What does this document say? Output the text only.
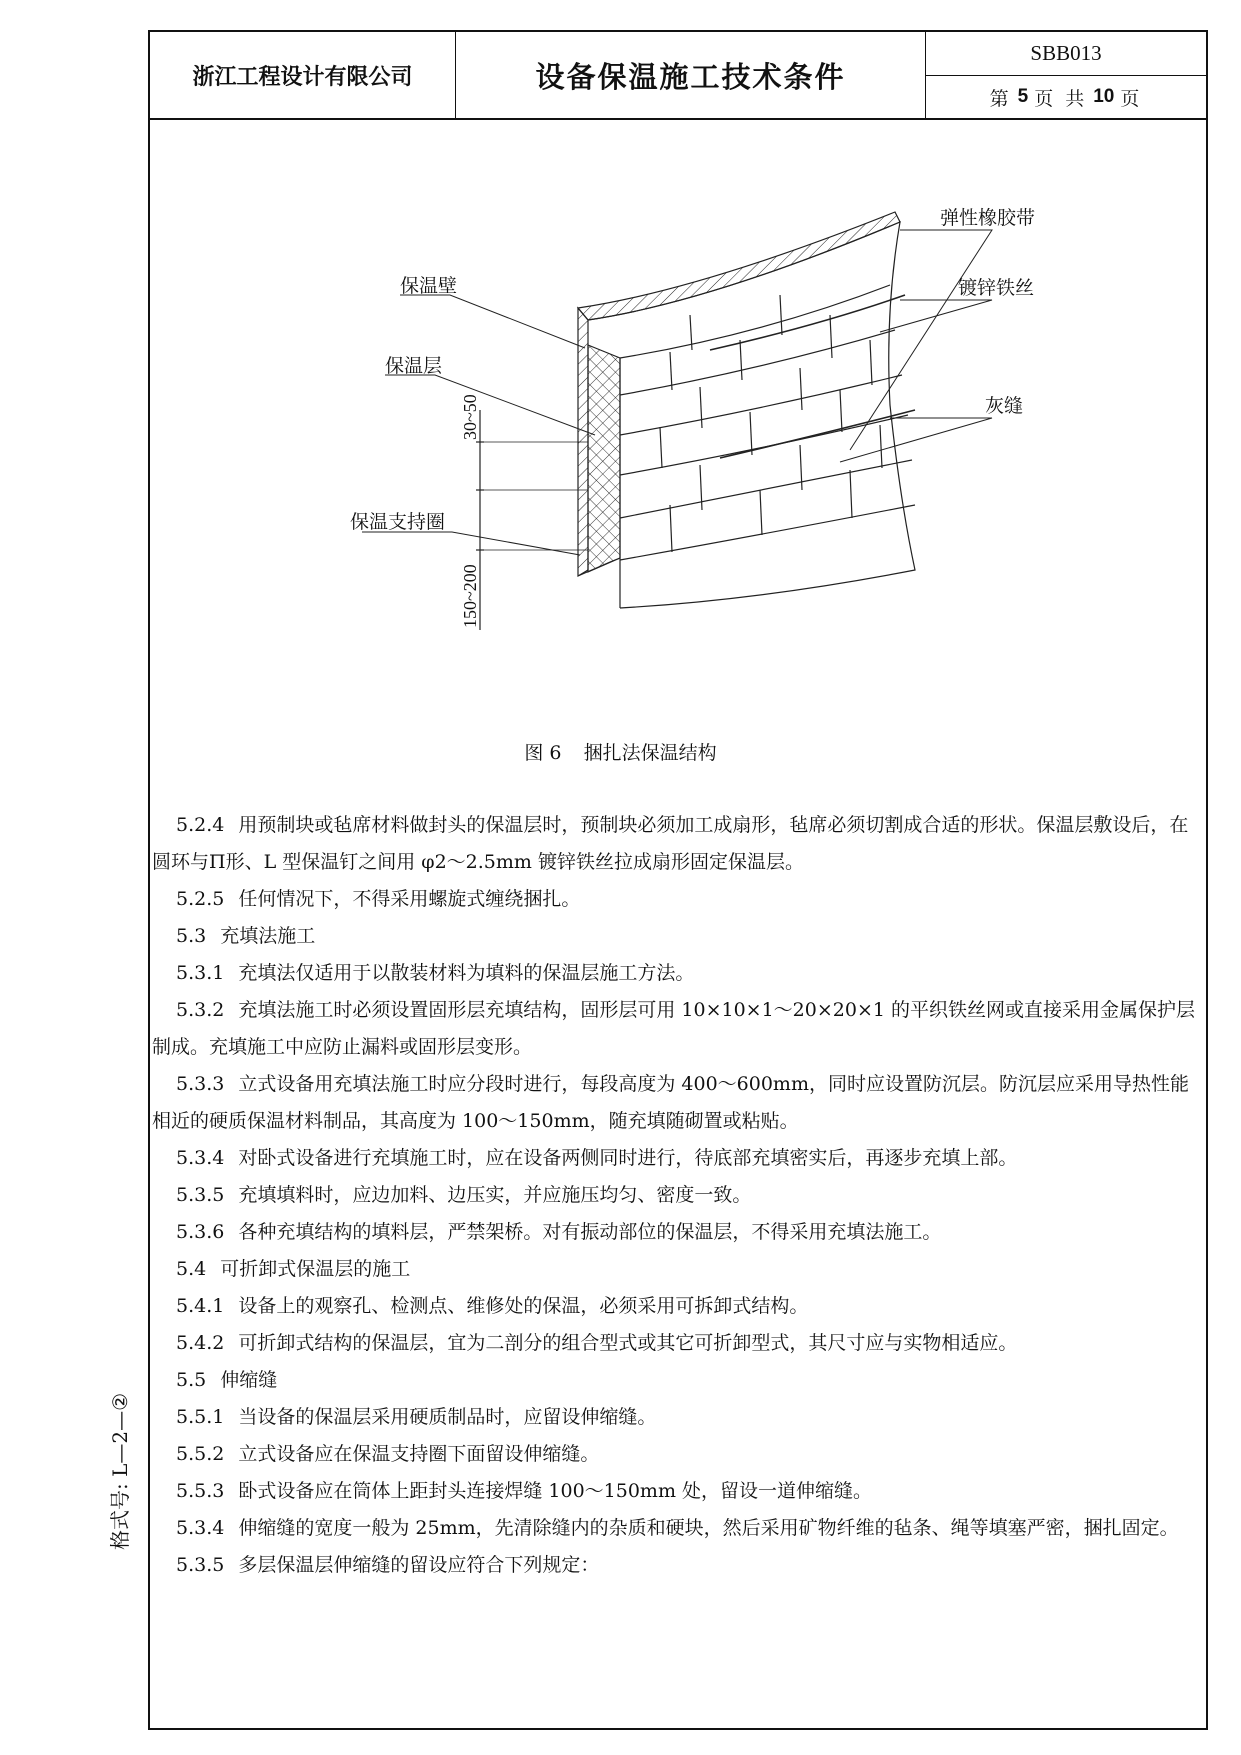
浙江工程设计有限公司	设备保温施工技术条件
SBB013
第 5 页 共 10 页
保温壁
保温层
保温支持圈
弹性橡胶带
镀锌铁丝
灰缝
30~50
150~200
图 6 捆扎法保温结构

5.2.4 用预制块或毡席材料做封头的保温层时，预制块必须加工成扇形，毡席必须切割成合适的形状。保温层敷设后，在圆环与Π形、L 型保温钉之间用 φ2～2.5mm 镀锌铁丝拉成扇形固定保温层。

5.2.5 任何情况下，不得采用螺旋式缠绕捆扎。

5.3 充填法施工

5.3.1 充填法仅适用于以散装材料为填料的保温层施工方法。

5.3.2 充填法施工时必须设置固形层充填结构，固形层可用 10×10×1～20×20×1 的平织铁丝网或直接采用金属保护层制成。充填施工中应防止漏料或固形层变形。

5.3.3 立式设备用充填法施工时应分段时进行，每段高度为 400～600mm，同时应设置防沉层。防沉层应采用导热性能相近的硬质保温材料制品，其高度为 100～150mm，随充填随砌置或粘贴。

5.3.4 对卧式设备进行充填施工时，应在设备两侧同时进行，待底部充填密实后，再逐步充填上部。

5.3.5 充填填料时，应边加料、边压实，并应施压均匀、密度一致。

5.3.6 各种充填结构的填料层，严禁架桥。对有振动部位的保温层，不得采用充填法施工。

5.4 可折卸式保温层的施工

5.4.1 设备上的观察孔、检测点、维修处的保温，必须采用可拆卸式结构。

5.4.2 可折卸式结构的保温层，宜为二剖分的组合型式或其它可折卸型式，其尺寸应与实物相适应。

5.5 伸缩缝

5.5.1 当设备的保温层采用硬质制品时，应留设伸缩缝。

5.5.2 立式设备应在保温支持圈下面留设伸缩缝。

5.5.3 卧式设备应在筒体上距封头连接焊缝 100～150mm 处，留设一道伸缩缝。

5.3.4 伸缩缝的宽度一般为 25mm，先清除缝内的杂质和硬块，然后采用矿物纤维的毡条、绳等填塞严密，捆扎固定。

5.3.5 多层保温层伸缩缝的留设应符合下列规定：

格式号: L—2—②
